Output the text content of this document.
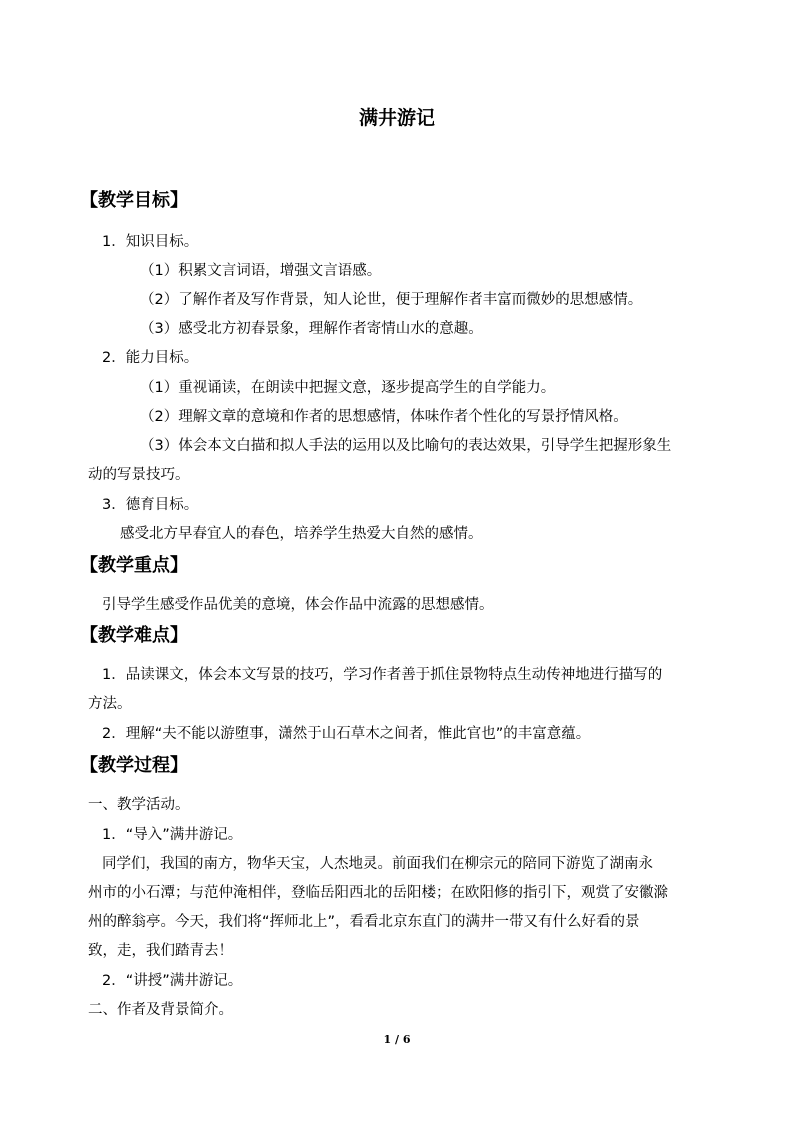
满井游记
【教学目标】
1．知识目标。
（1）积累文言词语，增强文言语感。
（2）了解作者及写作背景，知人论世，便于理解作者丰富而微妙的思想感情。
（3）感受北方初春景象，理解作者寄情山水的意趣。
2．能力目标。
（1）重视诵读，在朗读中把握文意，逐步提高学生的自学能力。
（2）理解文章的意境和作者的思想感情，体味作者个性化的写景抒情风格。
（3）体会本文白描和拟人手法的运用以及比喻句的表达效果，引导学生把握形象生
动的写景技巧。
3．德育目标。
感受北方早春宜人的春色，培养学生热爱大自然的感情。
【教学重点】
引导学生感受作品优美的意境，体会作品中流露的思想感情。
【教学难点】
1．品读课文，体会本文写景的技巧，学习作者善于抓住景物特点生动传神地进行描写的
方法。
2．理解“夫不能以游堕事，潇然于山石草木之间者，惟此官也”的丰富意蕴。
【教学过程】
一、教学活动。
1．“导入”满井游记。
同学们，我国的南方，物华天宝，人杰地灵。前面我们在柳宗元的陪同下游览了湖南永
州市的小石潭；与范仲淹相伴，登临岳阳西北的岳阳楼；在欧阳修的指引下，观赏了安徽滁
州的醉翁亭。今天，我们将“挥师北上”，看看北京东直门的满井一带又有什么好看的景
致，走，我们踏青去！
2．“讲授”满井游记。
二、作者及背景简介。
1 / 6
